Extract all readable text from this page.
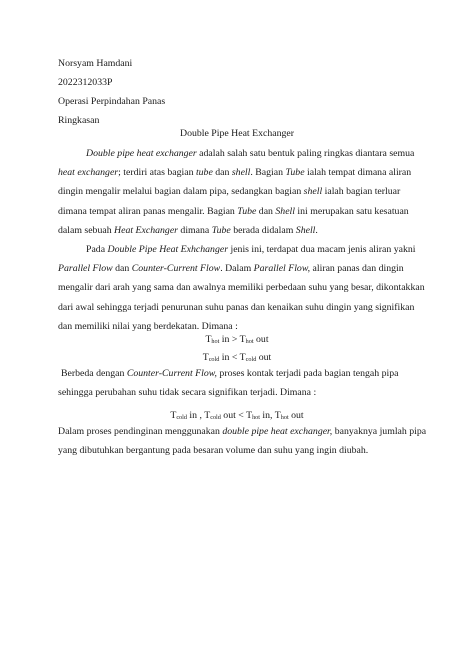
Norsyam Hamdani
2022312033P
Operasi Perpindahan Panas
Ringkasan
Double Pipe Heat Exchanger
Double pipe heat exchanger adalah salah satu bentuk paling ringkas diantara semua
heat exchanger; terdiri atas bagian tube dan shell. Bagian Tube ialah tempat dimana aliran
dingin mengalir melalui bagian dalam pipa, sedangkan bagian shell ialah bagian terluar
dimana tempat aliran panas mengalir. Bagian Tube dan Shell ini merupakan satu kesatuan
dalam sebuah Heat Exchanger dimana Tube berada didalam Shell.
Pada Double Pipe Heat Exhchanger jenis ini, terdapat dua macam jenis aliran yakni
Parallel Flow dan Counter-Current Flow. Dalam Parallel Flow, aliran panas dan dingin
mengalir dari arah yang sama dan awalnya memiliki perbedaan suhu yang besar, dikontakkan
dari awal sehingga terjadi penurunan suhu panas dan kenaikan suhu dingin yang signifikan
dan memiliki nilai yang berdekatan. Dimana :
$T_{hot}$ in > $T_{hot}$ out
$T_{cold}$ in < $T_{cold}$ out
Berbeda dengan Counter-Current Flow, proses kontak terjadi pada bagian tengah pipa
sehingga perubahan suhu tidak secara signifikan terjadi. Dimana :
$T_{cold}$ in , $T_{cold}$ out < $T_{hot}$ in, $T_{hot}$ out
Dalam proses pendinginan menggunakan double pipe heat exchanger, banyaknya jumlah pipa
yang dibutuhkan bergantung pada besaran volume dan suhu yang ingin diubah.
